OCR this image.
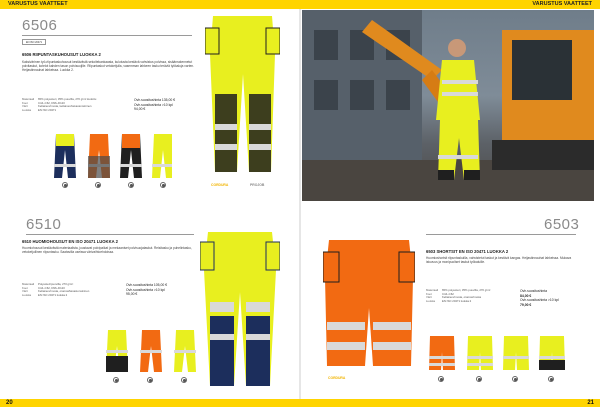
VARUSTUS VAATTEET	VARUSTUS VAATTEET
20	21
6506
EN ISO 20471
6506 RIIPUNTASKUHOUSUT LUOKKA 2
Kaksivärinen työ-riipuntaskuhousut kestävästä sekoitekankaasta, kulutusta kestävä vahvistus polvissa, sisäänrakennetut polvitaskut, kotelot kahden tason polvisuojille. Riipuntaskut vetoketjulla, vasemman lahkeen tasku teräviä työkaluja varten. Heijastinnauhat lahkeissa. Luokka 2.
Materiaali 65% polyesteri, 35% puuvilla, 270 g/m² kudottu
Koot	C44–C62, D96–D120
Värit	Keltainen/musta, keltainen/laivastonsininen
Luokka EN ISO 20471
Ovh.suositushinta 135,00 €
Ovh.suositushinta >10 kpl
94,00 €
CORDURA	PROJOB
6510
6510 HUOMIOHOUSUT EN ISO 20471 LUOKKA 2
Huomiohousut kestävästä materiaalista, joustavat polvipaikat ja mekaaniset polvisuojataskut. Reisitasku ja puhelintasku, vetoketjullinen riipuntasku. Saatavilla useissa värivaihtoehdoissa.
Materiaali Polyesteri/puuvilla, 270 g/m²
Koot	C44–C62, D96–D120
Värit	Keltainen/musta, oranssi/laivastonsininen
Luokka EN ISO 20471 luokka 2
Ovh.suositushinta 105,00 €
Ovh.suositushinta >10 kpl
95,00 €
6503
6503 SHORTSIT EN ISO 20471 LUOKKA 2
Huomioshortsit riipuntaskuilla, vahvistetut taskut ja kestävä kangas. Heijastinnauhat lahkeissa. Mukava istuvuus ja monipuoliset taskut työkaluille.
Materiaali 65% polyesteri, 35% puuvilla, 270 g/m²
Koot	C44–C62
Värit	Keltainen/musta, oranssi/musta
Luokka EN ISO 20471 luokka 2
Ovh.suositushinta
84,00 €
Ovh.suositushinta >10 kpl
79,00 €
CORDURA
